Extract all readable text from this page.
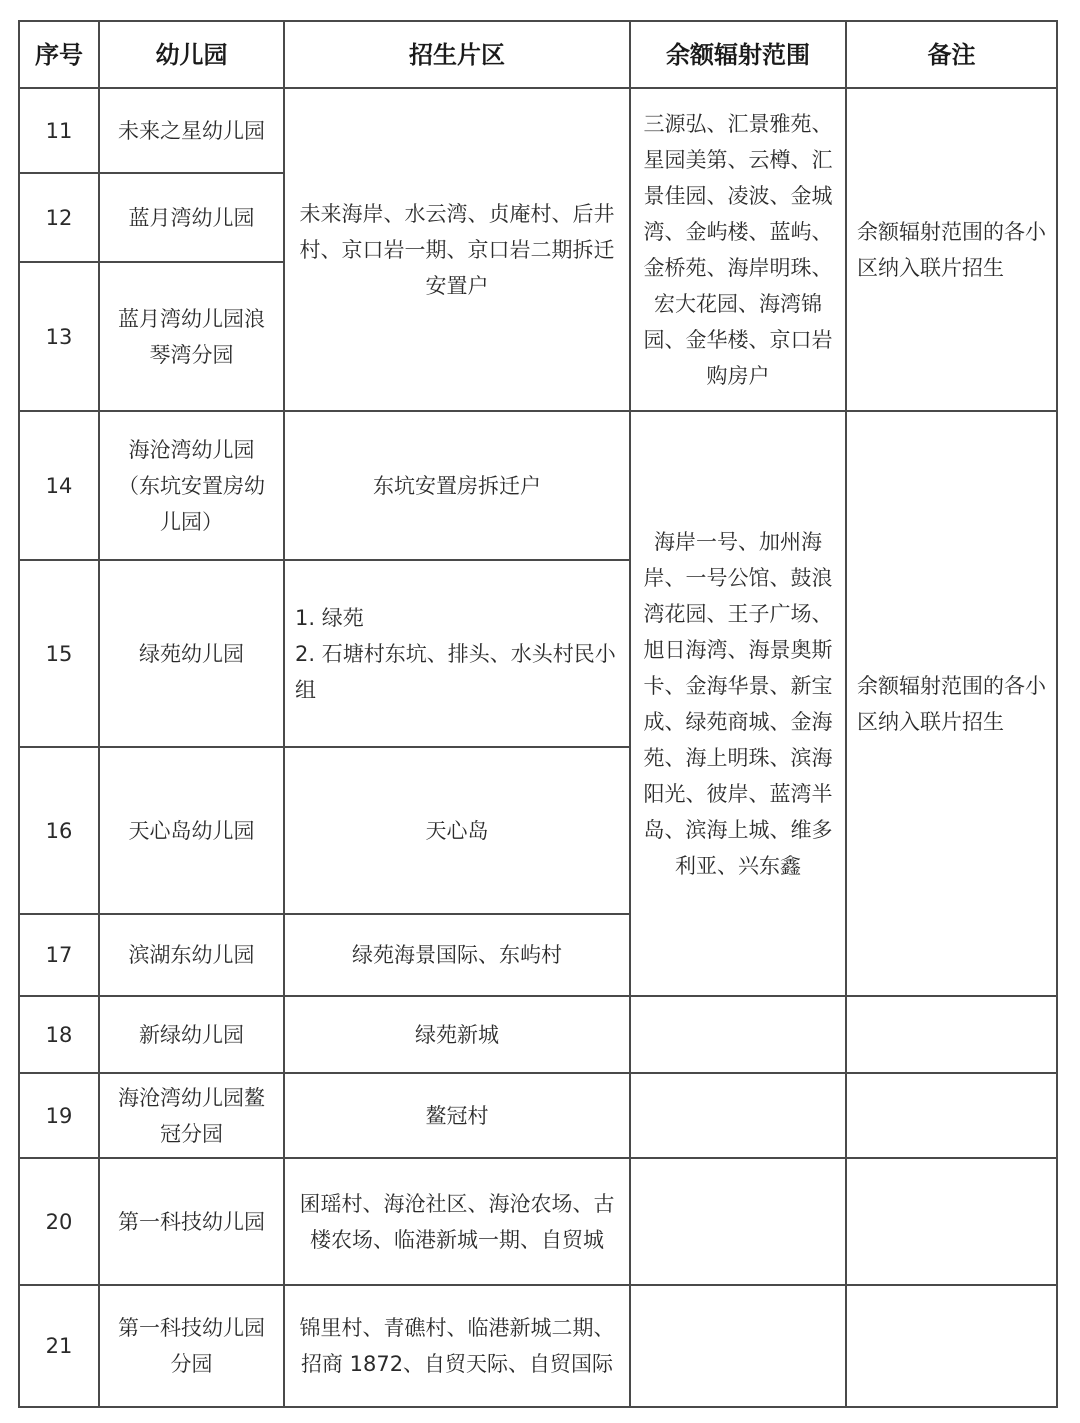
序号	幼儿园	招生片区	余额辐射范围	备注
11	未来之星幼儿园	未来海岸、水云湾、贞庵村、后井村、京口岩一期、京口岩二期拆迁安置户	三源弘、汇景雅苑、星园美第、云樽、汇景佳园、凌波、金城湾、金屿楼、蓝屿、金桥苑、海岸明珠、宏大花园、海湾锦园、金华楼、京口岩购房户	余额辐射范围的各小区纳入联片招生
12	蓝月湾幼儿园			
13	蓝月湾幼儿园浪琴湾分园			
14	海沧湾幼儿园（东坑安置房幼儿园）	东坑安置房拆迁户	海岸一号、加州海岸、一号公馆、鼓浪湾花园、王子广场、旭日海湾、海景奥斯卡、金海华景、新宝成、绿苑商城、金海苑、海上明珠、滨海阳光、彼岸、蓝湾半岛、滨海上城、维多利亚、兴东鑫	余额辐射范围的各小区纳入联片招生
15	绿苑幼儿园	1. 绿苑
2. 石塘村东坑、排头、水头村民小组		
16	天心岛幼儿园	天心岛		
17	滨湖东幼儿园	绿苑海景国际、东屿村		
18	新绿幼儿园	绿苑新城		
19	海沧湾幼儿园鳌冠分园	鳌冠村		
20	第一科技幼儿园	囷瑶村、海沧社区、海沧农场、古楼农场、临港新城一期、自贸城		
21	第一科技幼儿园分园	锦里村、青礁村、临港新城二期、招商 1872、自贸天际、自贸国际		
